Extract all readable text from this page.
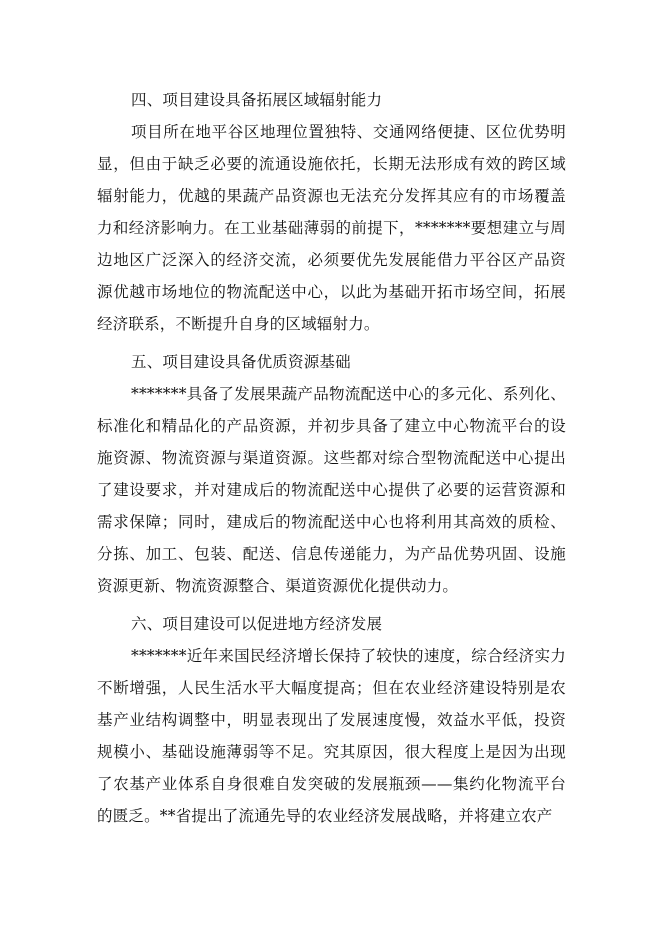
四、项目建设具备拓展区域辐射能力

项目所在地平谷区地理位置独特、交通网络便捷、区位优势明显，但由于缺乏必要的流通设施依托，长期无法形成有效的跨区域辐射能力，优越的果蔬产品资源也无法充分发挥其应有的市场覆盖力和经济影响力。在工业基础薄弱的前提下，*******要想建立与周边地区广泛深入的经济交流，必须要优先发展能借力平谷区产品资源优越市场地位的物流配送中心，以此为基础开拓市场空间，拓展经济联系，不断提升自身的区域辐射力。

五、项目建设具备优质资源基础

*******具备了发展果蔬产品物流配送中心的多元化、系列化、标准化和精品化的产品资源，并初步具备了建立中心物流平台的设施资源、物流资源与渠道资源。这些都对综合型物流配送中心提出了建设要求，并对建成后的物流配送中心提供了必要的运营资源和需求保障；同时，建成后的物流配送中心也将利用其高效的质检、分拣、加工、包装、配送、信息传递能力，为产品优势巩固、设施资源更新、物流资源整合、渠道资源优化提供动力。

六、项目建设可以促进地方经济发展

*******近年来国民经济增长保持了较快的速度，综合经济实力不断增强，人民生活水平大幅度提高；但在农业经济建设特别是农基产业结构调整中，明显表现出了发展速度慢，效益水平低，投资规模小、基础设施薄弱等不足。究其原因，很大程度上是因为出现了农基产业体系自身很难自发突破的发展瓶颈——集约化物流平台的匮乏。**省提出了流通先导的农业经济发展战略，并将建立农产
